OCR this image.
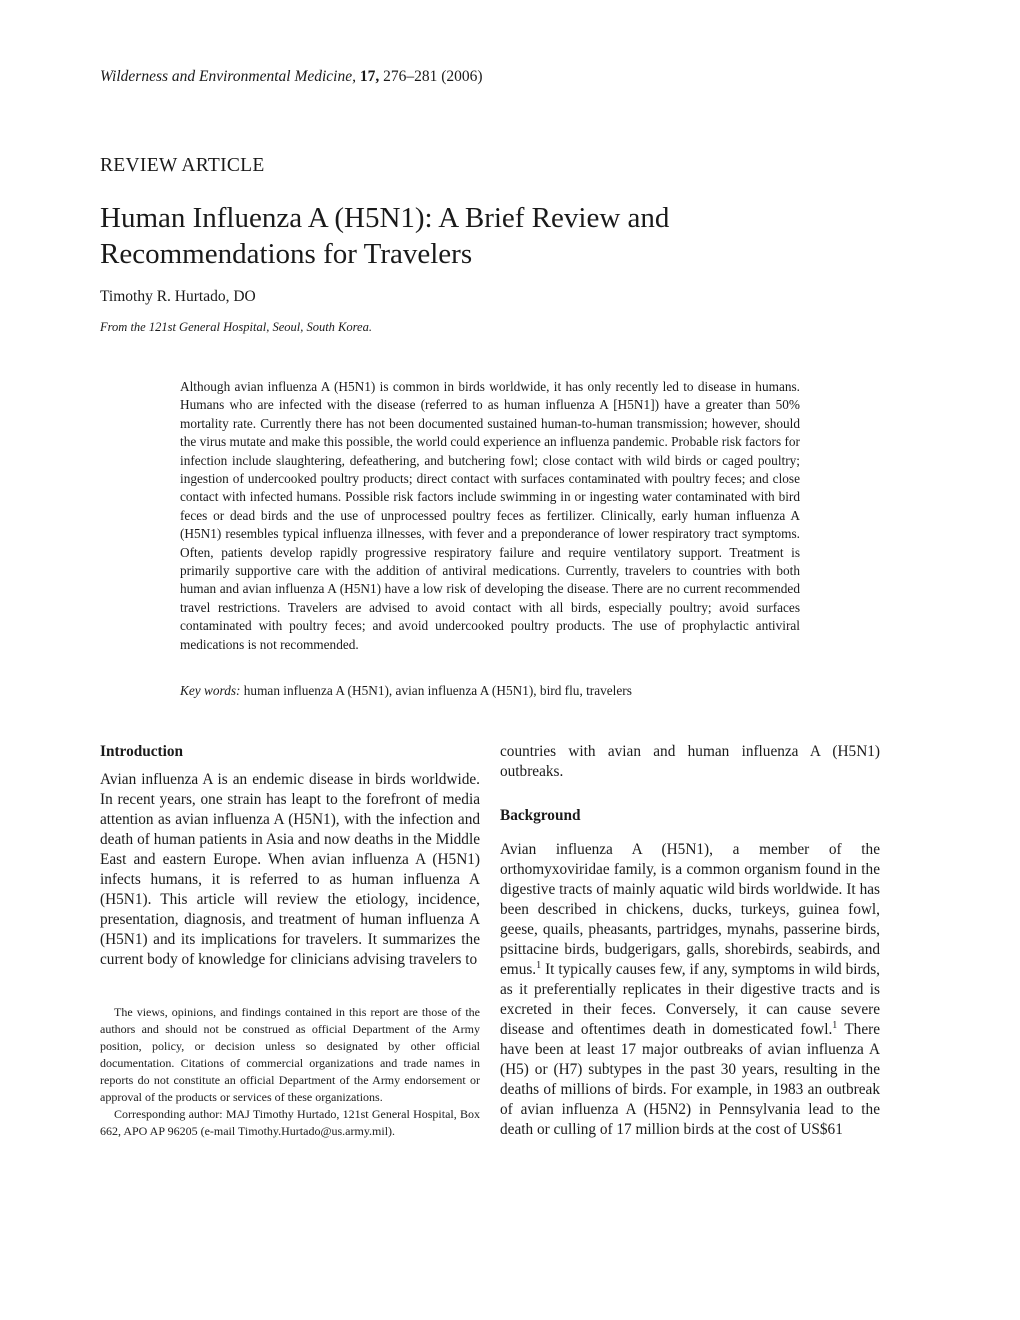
Wilderness and Environmental Medicine, 17, 276–281 (2006)
REVIEW ARTICLE
Human Influenza A (H5N1): A Brief Review and Recommendations for Travelers
Timothy R. Hurtado, DO
From the 121st General Hospital, Seoul, South Korea.
Although avian influenza A (H5N1) is common in birds worldwide, it has only recently led to disease in humans. Humans who are infected with the disease (referred to as human influenza A [H5N1]) have a greater than 50% mortality rate. Currently there has not been documented sustained human-to-human transmission; however, should the virus mutate and make this possible, the world could experience an influenza pandemic. Probable risk factors for infection include slaughtering, defeathering, and butchering fowl; close contact with wild birds or caged poultry; ingestion of undercooked poultry products; direct contact with surfaces contaminated with poultry feces; and close contact with infected humans. Possible risk factors include swimming in or ingesting water contaminated with bird feces or dead birds and the use of unprocessed poultry feces as fertilizer. Clinically, early human influenza A (H5N1) resembles typical influenza illnesses, with fever and a preponderance of lower respiratory tract symptoms. Often, patients develop rapidly progressive respiratory failure and require ventilatory support. Treatment is primarily supportive care with the addition of antiviral medications. Currently, travelers to countries with both human and avian influenza A (H5N1) have a low risk of developing the disease. There are no current recommended travel restrictions. Travelers are advised to avoid contact with all birds, especially poultry; avoid surfaces contaminated with poultry feces; and avoid undercooked poultry products. The use of prophylactic antiviral medications is not recommended.
Key words: human influenza A (H5N1), avian influenza A (H5N1), bird flu, travelers

Introduction

Avian influenza A is an endemic disease in birds worldwide. In recent years, one strain has leapt to the forefront of media attention as avian influenza A (H5N1), with the infection and death of human patients in Asia and now deaths in the Middle East and eastern Europe. When avian influenza A (H5N1) infects humans, it is referred to as human influenza A (H5N1). This article will review the etiology, incidence, presentation, diagnosis, and treatment of human influenza A (H5N1) and its implications for travelers. It summarizes the current body of knowledge for clinicians advising travelers to

The views, opinions, and findings contained in this report are those of the authors and should not be construed as official Department of the Army position, policy, or decision unless so designated by other official documentation. Citations of commercial organizations and trade names in reports do not constitute an official Department of the Army endorsement or approval of the products or services of these organizations.

Corresponding author: MAJ Timothy Hurtado, 121st General Hospital, Box 662, APO AP 96205 (e-mail Timothy.Hurtado@us.army.mil).

countries with avian and human influenza A (H5N1) outbreaks.

Background

Avian influenza A (H5N1), a member of the orthomyxoviridae family, is a common organism found in the digestive tracts of mainly aquatic wild birds worldwide. It has been described in chickens, ducks, turkeys, guinea fowl, geese, quails, pheasants, partridges, mynahs, passerine birds, psittacine birds, budgerigars, galls, shorebirds, seabirds, and emus.$^1$ It typically causes few, if any, symptoms in wild birds, as it preferentially replicates in their digestive tracts and is excreted in their feces. Conversely, it can cause severe disease and oftentimes death in domesticated fowl.$^1$ There have been at least 17 major outbreaks of avian influenza A (H5) or (H7) subtypes in the past 30 years, resulting in the deaths of millions of birds. For example, in 1983 an outbreak of avian influenza A (H5N2) in Pennsylvania lead to the death or culling of 17 million birds at the cost of US$61
